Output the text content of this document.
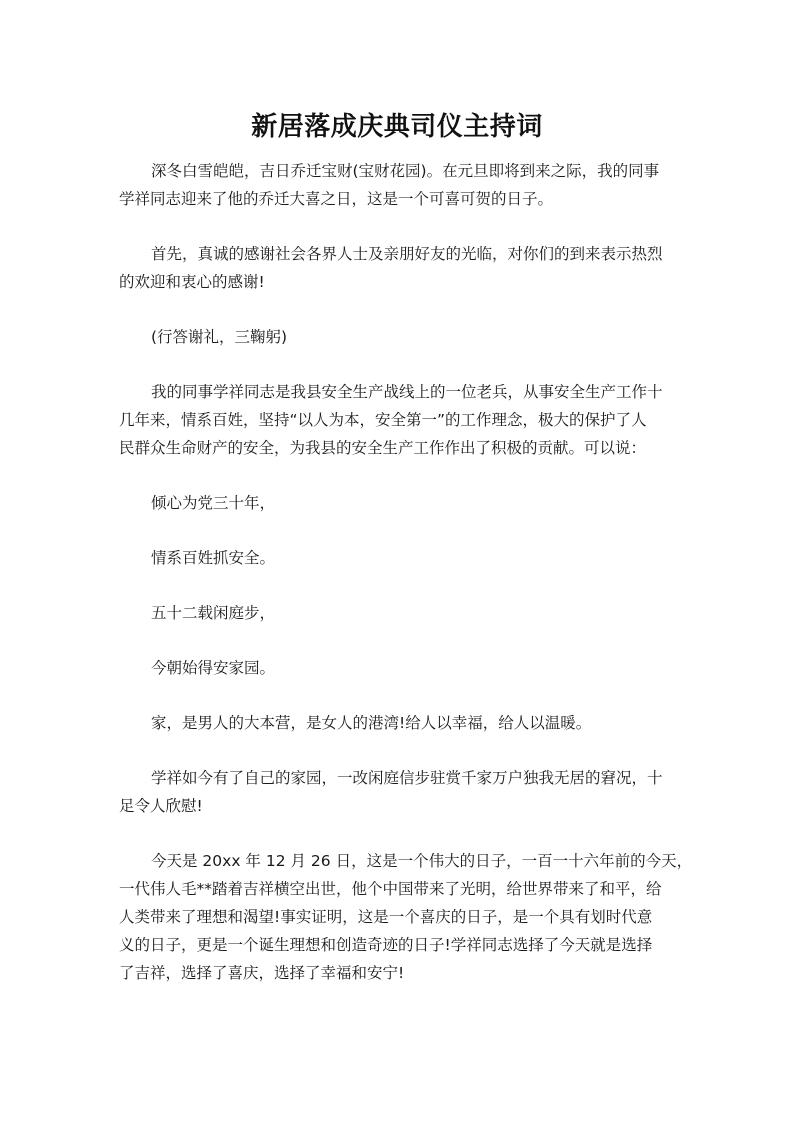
新居落成庆典司仪主持词
深冬白雪皑皑，吉日乔迁宝财(宝财花园)。在元旦即将到来之际，我的同事
学祥同志迎来了他的乔迁大喜之日，这是一个可喜可贺的日子。
首先，真诚的感谢社会各界人士及亲朋好友的光临，对你们的到来表示热烈
的欢迎和衷心的感谢!
(行答谢礼，三鞠躬)
我的同事学祥同志是我县安全生产战线上的一位老兵，从事安全生产工作十
几年来，情系百姓，坚持“以人为本，安全第一”的工作理念，极大的保护了人
民群众生命财产的安全，为我县的安全生产工作作出了积极的贡献。可以说：
倾心为党三十年，
情系百姓抓安全。
五十二载闲庭步，
今朝始得安家园。
家，是男人的大本营，是女人的港湾!给人以幸福，给人以温暖。
学祥如今有了自己的家园，一改闲庭信步驻赏千家万户独我无居的窘况，十
足令人欣慰!
今天是 20xx 年 12 月 26 日，这是一个伟大的日子，一百一十六年前的今天，
一代伟人毛**踏着吉祥横空出世，他个中国带来了光明，给世界带来了和平，给
人类带来了理想和渴望!事实证明，这是一个喜庆的日子，是一个具有划时代意
义的日子，更是一个诞生理想和创造奇迹的日子!学祥同志选择了今天就是选择
了吉祥，选择了喜庆，选择了幸福和安宁!
